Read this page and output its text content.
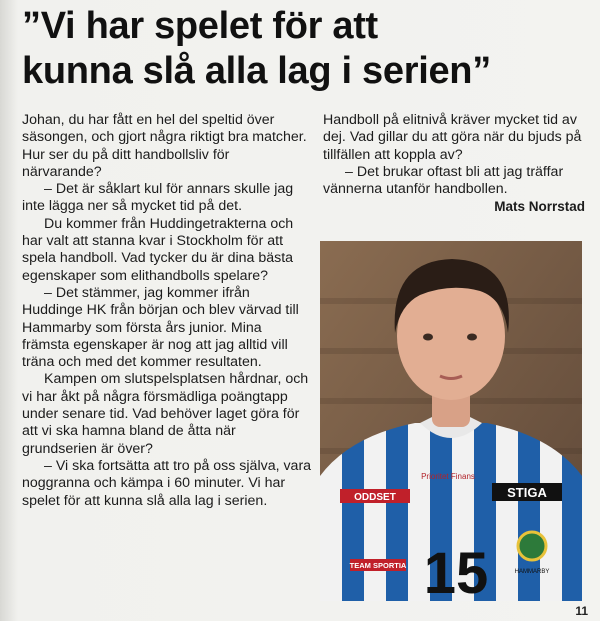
”Vi har spelet för att
kunna slå alla lag i serien”

Johan, du har fått en hel del speltid över säsongen, och gjort några riktigt bra matcher. Hur ser du på ditt handbollsliv för närvarande?

– Det är såklart kul för annars skulle jag inte lägga ner så mycket tid på det.

Du kommer från Huddingetrakterna och har valt att stanna kvar i Stockholm för att spela handboll. Vad tycker du är dina bästa egenskaper som elithandbolls spelare?

– Det stämmer, jag kommer ifrån Huddinge HK från början och blev värvad till Hammarby som första års junior. Mina främsta egenskaper är nog att jag alltid vill träna och med det kommer resultaten.

Kampen om slutspelsplatsen hårdnar, och vi har åkt på några försmädliga poängtapp under senare tid. Vad behöver laget göra för att vi ska hamna bland de åtta när grundserien är över?

– Vi ska fortsätta att tro på oss själva, vara noggranna och kämpa i 60 minuter. Vi har spelet för att kunna slå alla lag i serien.

Handboll på elitnivå kräver mycket tid av dej. Vad gillar du att göra när du bjuds på tillfällen att koppla av?

– Det brukar oftast bli att jag träffar vännerna utanför handbollen.

Mats Norrstad

ODDSET	STIGA
Prioritet Finans
TEAM SPORTIA 15	HAMMARBY
11
